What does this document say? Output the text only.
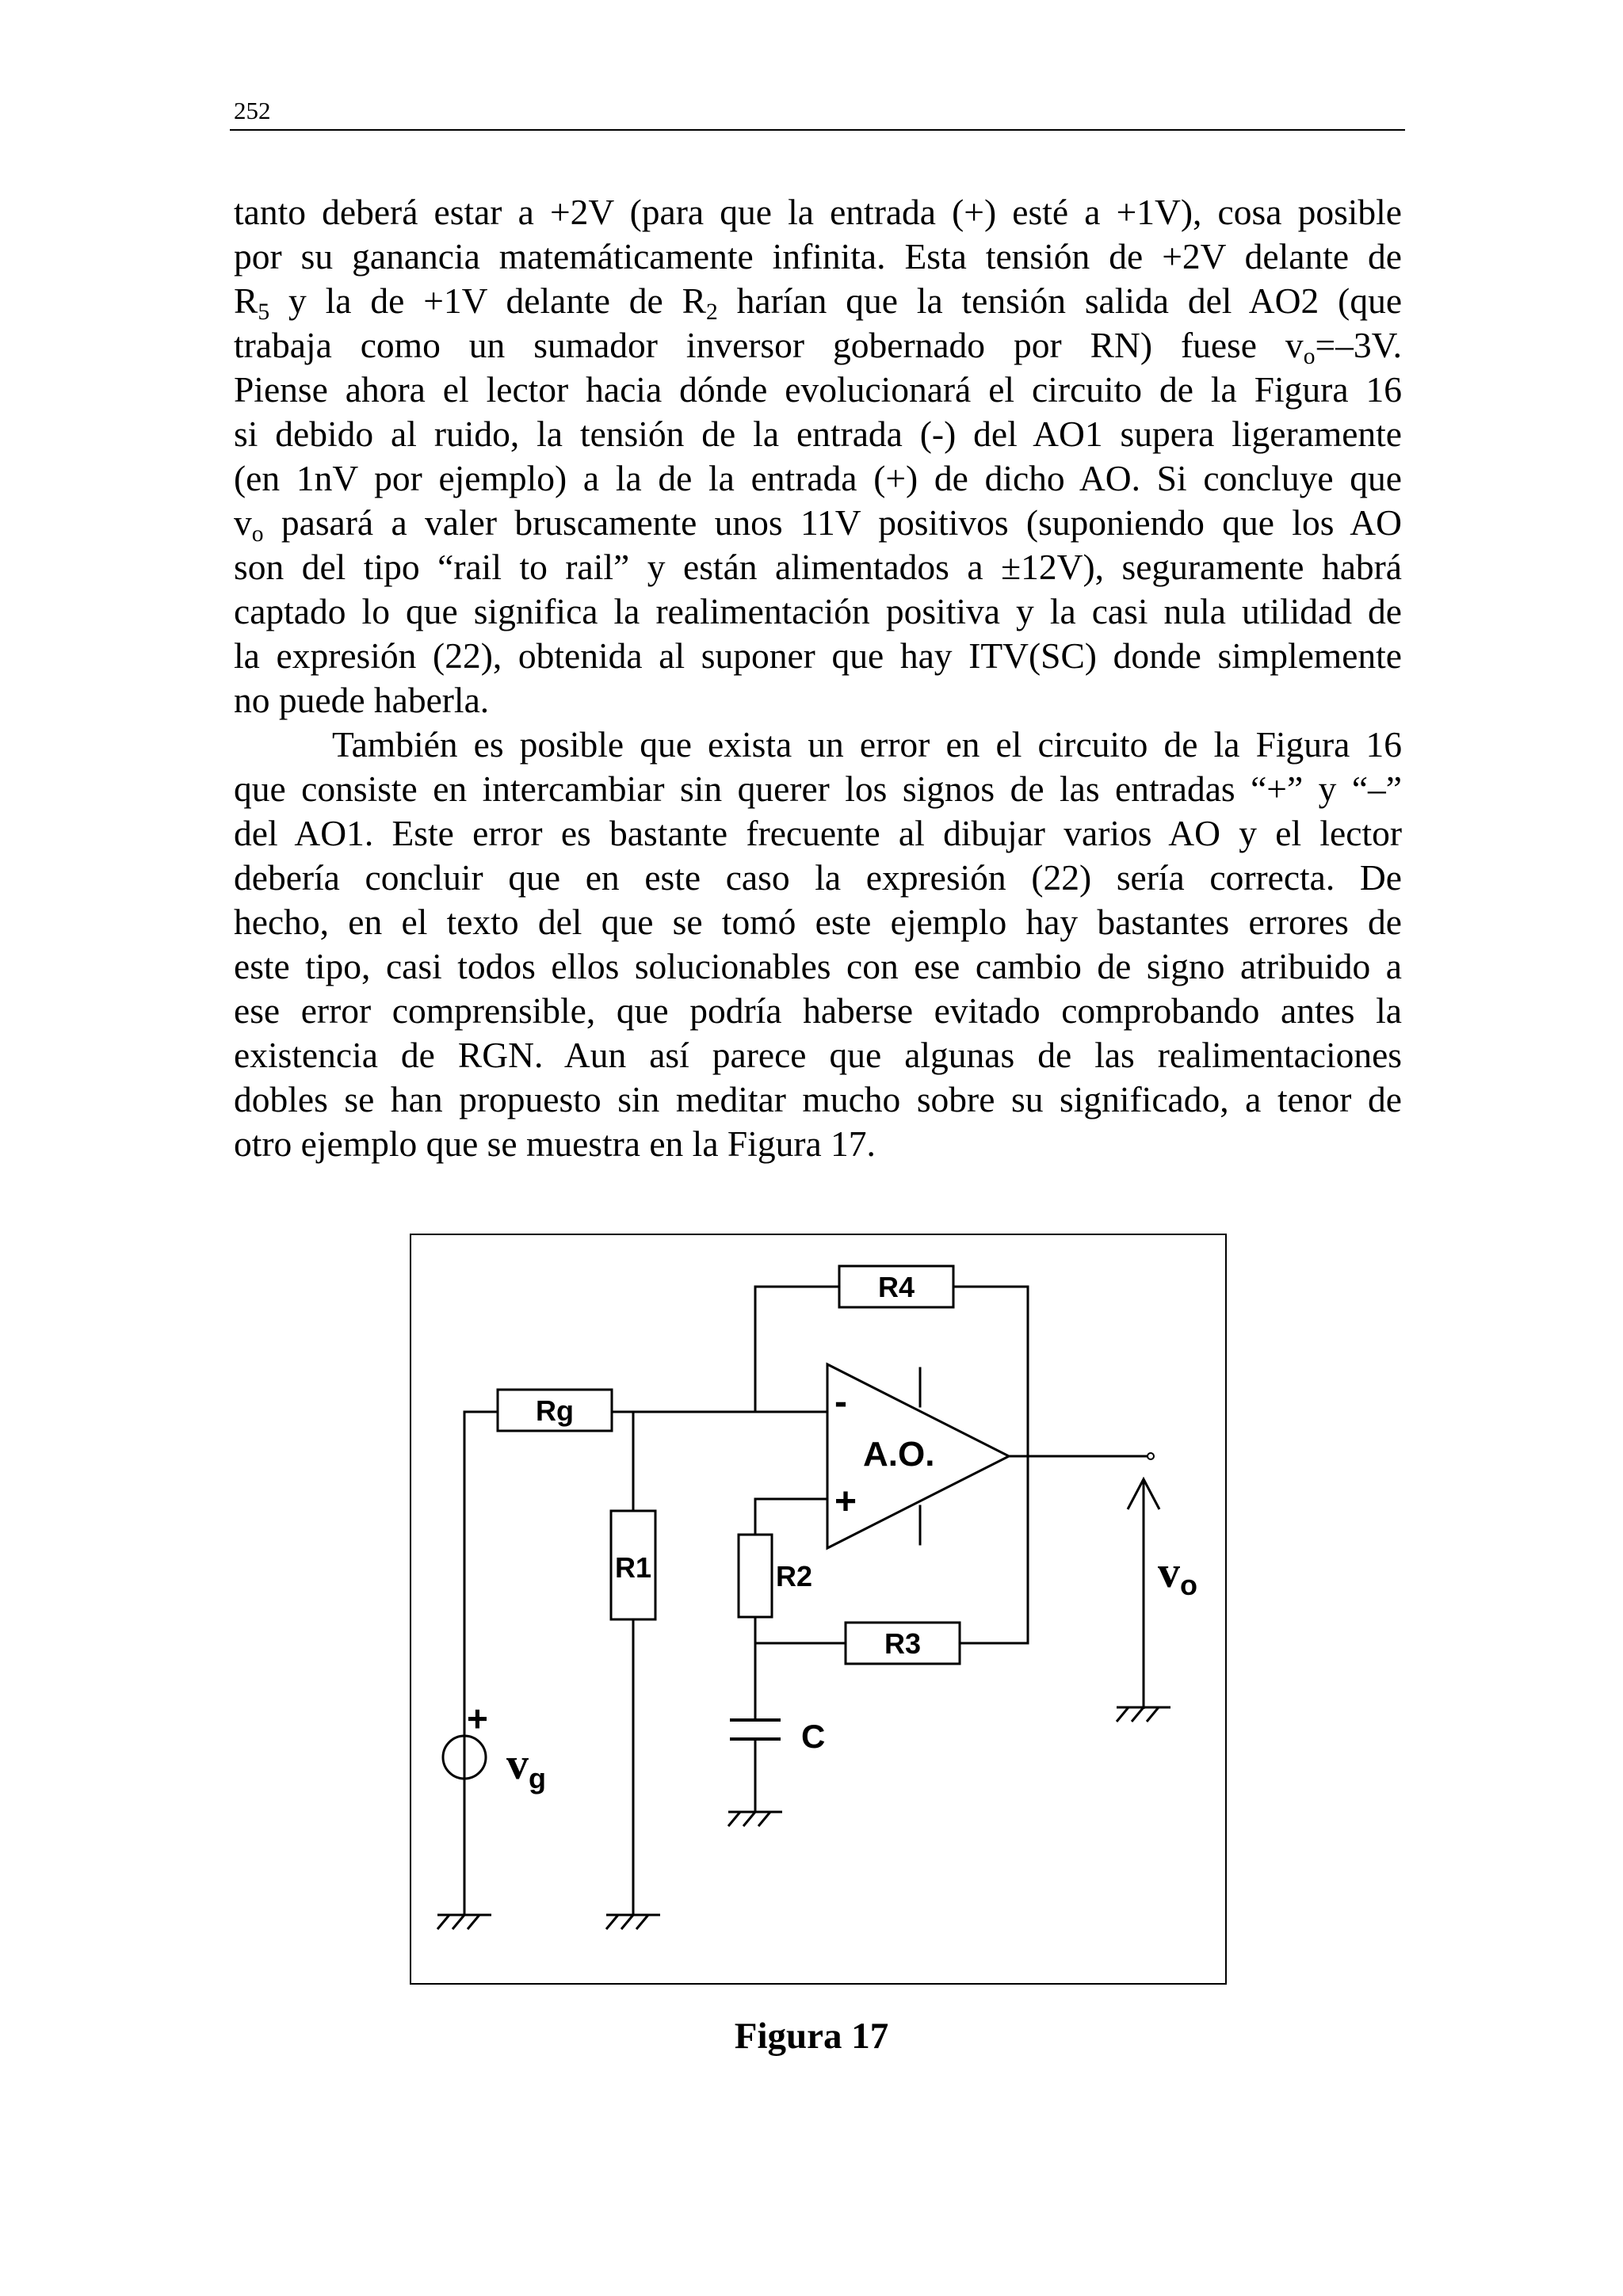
252

tanto deberá estar a +2V (para que la entrada (+) esté a +1V), cosa posible
por su ganancia matemáticamente infinita. Esta tensión de +2V delante de
$R_5$ y la de +1V delante de $R_2$ harían que la tensión salida del AO2 (que
trabaja como un sumador inversor gobernado por RN) fuese $v_o=-3V$.
Piense ahora el lector hacia dónde evolucionará el circuito de la Figura 16
si debido al ruido, la tensión de la entrada (-) del AO1 supera ligeramente
(en 1nV por ejemplo) a la de la entrada (+) de dicho AO. Si concluye que
$v_o$ pasará a valer bruscamente unos 11V positivos (suponiendo que los AO
son del tipo “rail to rail” y están alimentados a ±12V), seguramente habrá
captado lo que significa la realimentación positiva y la casi nula utilidad de
la expresión (22), obtenida al suponer que hay ITV(SC) donde simplemente
no puede haberla.

También es posible que exista un error en el circuito de la Figura 16
que consiste en intercambiar sin querer los signos de las entradas “+” y “–”
del AO1. Este error es bastante frecuente al dibujar varios AO y el lector
debería concluir que en este caso la expresión (22) sería correcta. De
hecho, en el texto del que se tomó este ejemplo hay bastantes errores de
este tipo, casi todos ellos solucionables con ese cambio de signo atribuido a
ese error comprensible, que podría haberse evitado comprobando antes la
existencia de RGN. Aun así parece que algunas de las realimentaciones
dobles se han propuesto sin meditar mucho sobre su significado, a tenor de
otro ejemplo que se muestra en la Figura 17.

R4
Rg
R1	R2
R3
C
A.O.
-
+
+
$v_g$
vo
Figura 17
